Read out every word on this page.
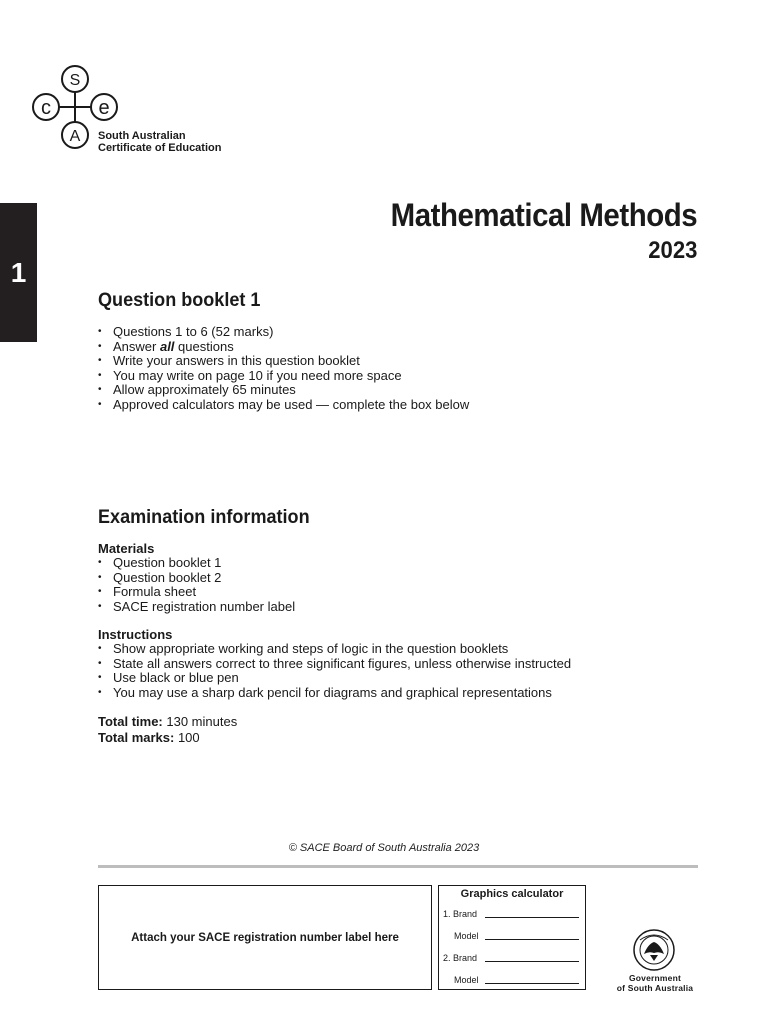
S
c e
A South Australian
Certificate of Education
1
Mathematical Methods
2023
Question booklet 1
• Questions 1 to 6 (52 marks)
• Answer all questions
• Write your answers in this question booklet
• You may write on page 10 if you need more space
• Allow approximately 65 minutes
• Approved calculators may be used — complete the box below
Examination information
Materials
• Question booklet 1
• Question booklet 2
• Formula sheet
• SACE registration number label
Instructions
• Show appropriate working and steps of logic in the question booklets
• State all answers correct to three significant figures, unless otherwise instructed
• Use black or blue pen
• You may use a sharp dark pencil for diagrams and graphical representations
Total time: 130 minutes
Total marks: 100
© SACE Board of South Australia 2023
Attach your SACE registration number label here
Graphics calculator
1. Brand
Model
2. Brand
Model	Government
of South Australia
